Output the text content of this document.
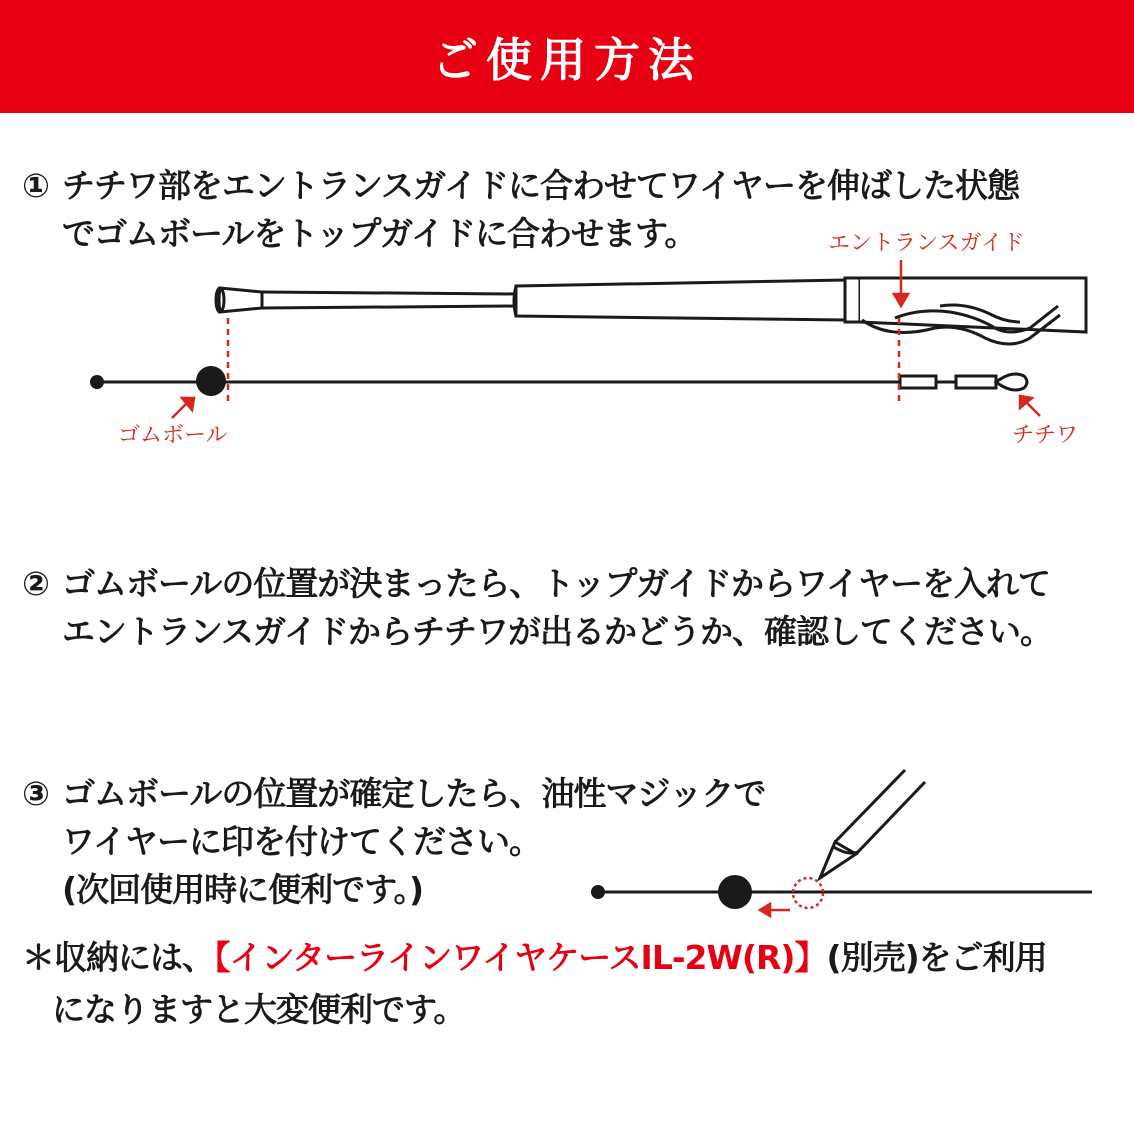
ご使用方法
① チチワ部をエントランスガイドに合わせてワイヤーを伸ばした状態
でゴムボールをトップガイドに合わせます。	エントランスガイド
ゴムボール	チチワ
② ゴムボールの位置が決まったら、トップガイドからワイヤーを入れて
エントランスガイドからチチワが出るかどうか、確認してください。
③ ゴムボールの位置が確定したら、油性マジックで
ワイヤーに印を付けてください。
(次回使用時に便利です。)
＊収納には、【インターラインワイヤケースIL-2W(R)】(別売)をご利用
になりますと大変便利です。
